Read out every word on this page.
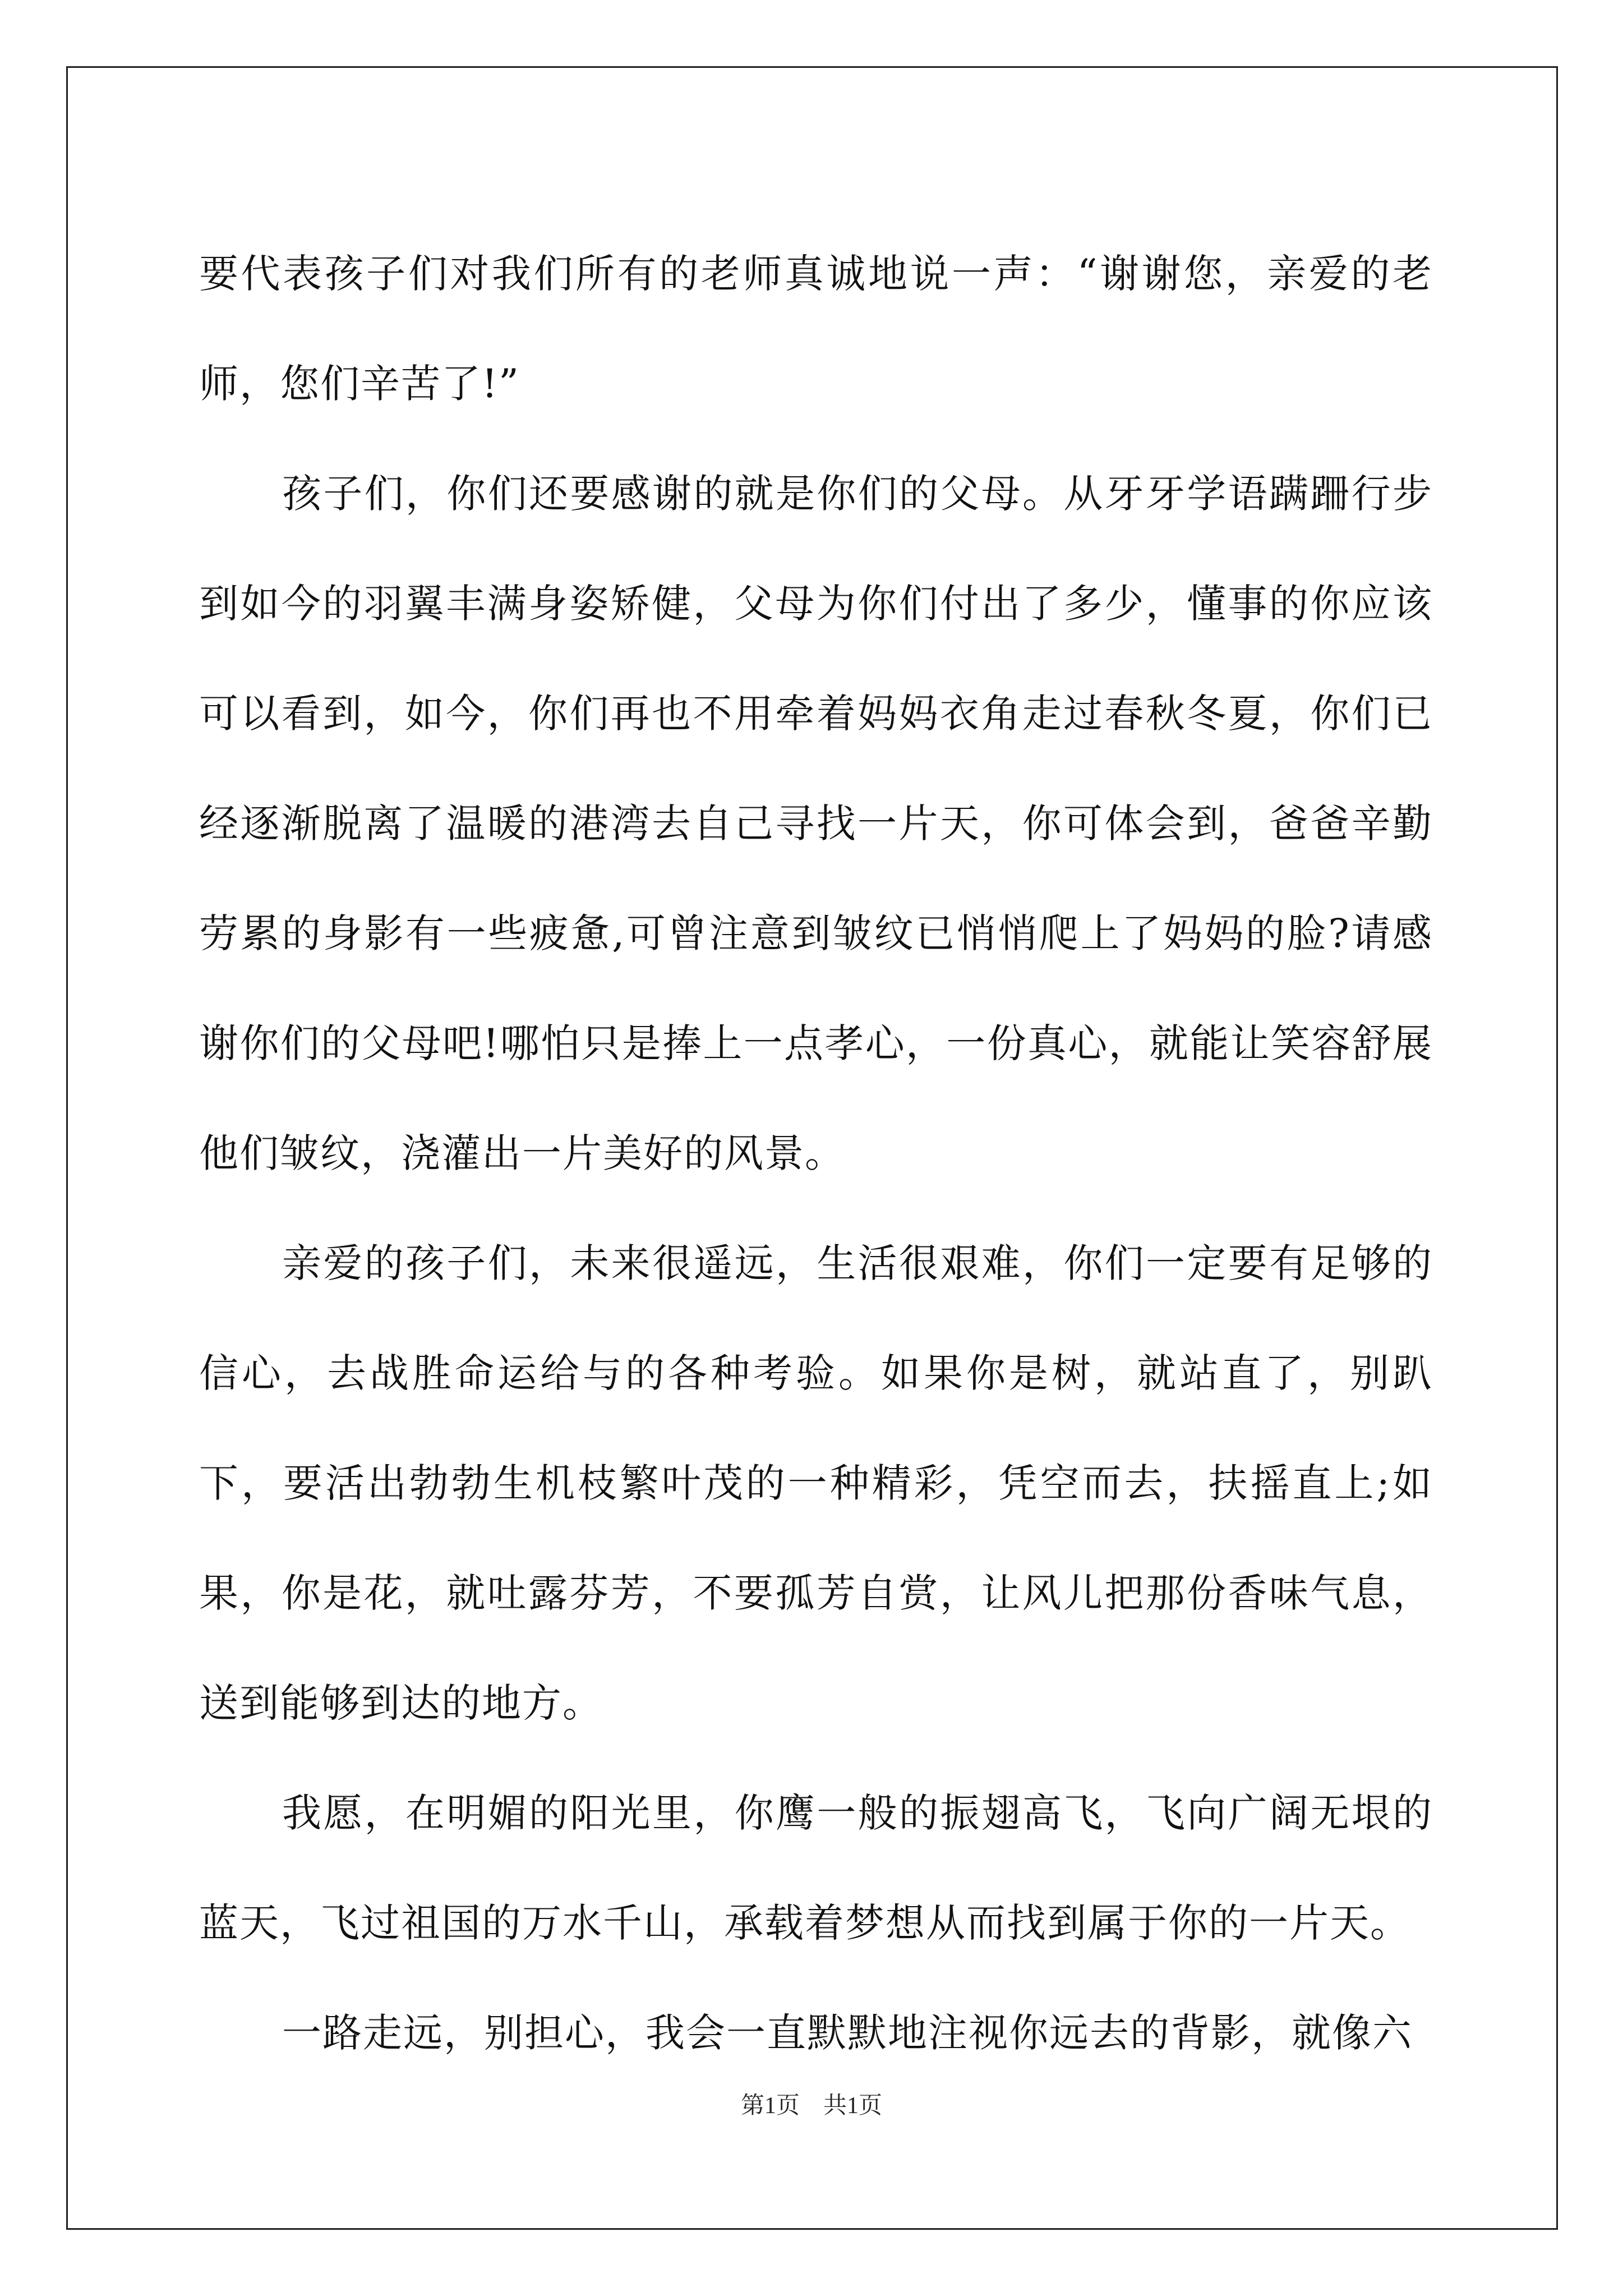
要代表孩子们对我们所有的老师真诚地说一声：“谢谢您，亲爱的老师，您们辛苦了!”

孩子们，你们还要感谢的就是你们的父母。从牙牙学语蹒跚行步到如今的羽翼丰满身姿矫健，父母为你们付出了多少，懂事的你应该可以看到，如今，你们再也不用牵着妈妈衣角走过春秋冬夏，你们已经逐渐脱离了温暖的港湾去自己寻找一片天，你可体会到，爸爸辛勤劳累的身影有一些疲惫,可曾注意到皱纹已悄悄爬上了妈妈的脸?请感谢你们的父母吧!哪怕只是捧上一点孝心，一份真心，就能让笑容舒展他们皱纹，浇灌出一片美好的风景。

亲爱的孩子们，未来很遥远，生活很艰难，你们一定要有足够的信心，去战胜命运给与的各种考验。如果你是树，就站直了，别趴下，要活出勃勃生机枝繁叶茂的一种精彩，凭空而去，扶摇直上;如果，你是花，就吐露芬芳，不要孤芳自赏，让风儿把那份香味气息，送到能够到达的地方。

我愿，在明媚的阳光里，你鹰一般的振翅高飞，飞向广阔无垠的蓝天，飞过祖国的万水千山，承载着梦想从而找到属于你的一片天。

一路走远，别担心，我会一直默默地注视你远去的背影，就像六

第1页　共1页
